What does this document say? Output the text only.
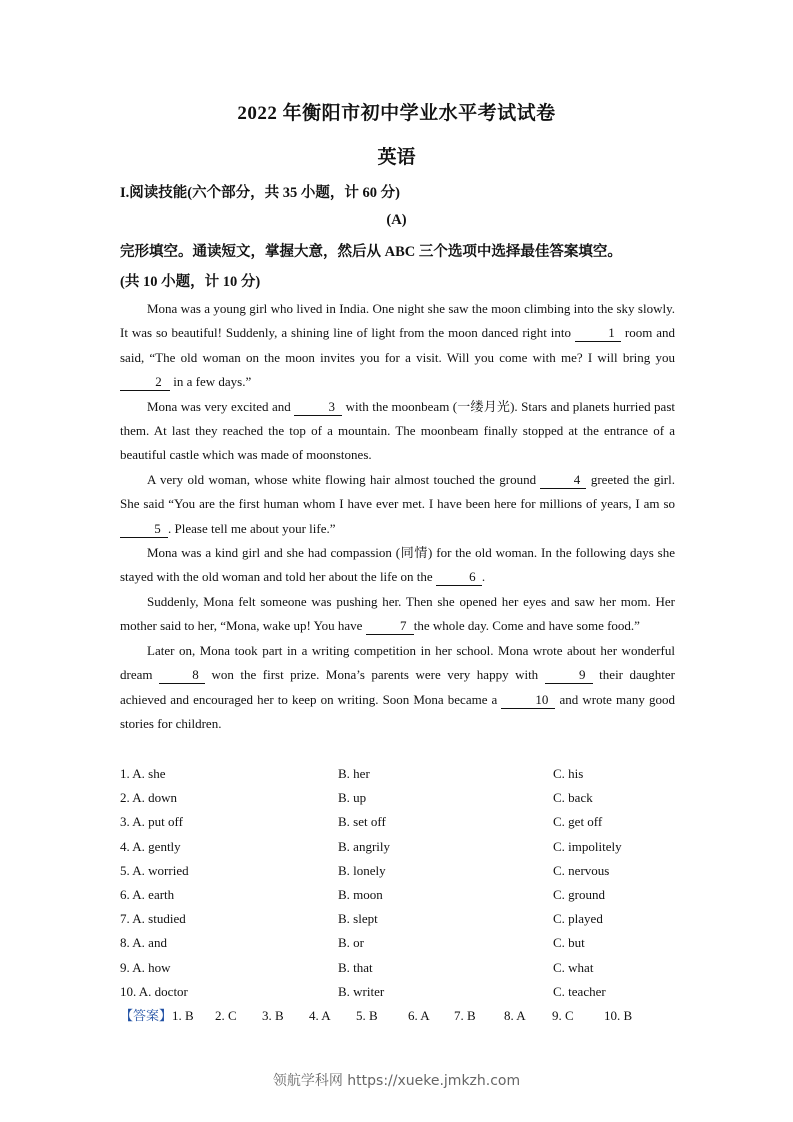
2022 年衡阳市初中学业水平考试试卷
英语
I.阅读技能(六个部分，共 35 小题，计 60 分)
(A)
完形填空。通读短文，掌握大意，然后从 ABC 三个选项中选择最佳答案填空。
(共 10 小题，计 10 分)

Mona was a young girl who lived in India. One night she saw the moon climbing into the sky slowly. It was so beautiful! Suddenly, a shining line of light from the moon danced right into	1 room and said, “The old woman on the moon invites you for a visit. Will you come with me? I will bring you 2 in a few days.”

Mona was very excited and	3 with the moonbeam (一缕月光). Stars and planets hurried past them. At last they reached the top of a mountain. The moonbeam finally stopped at the entrance of a beautiful castle which was made of moonstones.

A very old woman, whose white flowing hair almost touched the ground	4 greeted the girl. She said “You are the first human whom I have ever met. I have been here for millions of years, I am so 5 . Please tell me about your life.”

Mona was a kind girl and she had compassion (同情) for the old woman. In the following days she stayed with the old woman and told her about the life on the	6 .

Suddenly, Mona felt someone was pushing her. Then she opened her eyes and saw her mom. Her mother said to her, “Mona, wake up! You have	7 the whole day. Come and have some food.”

Later on, Mona took part in a writing competition in her school. Mona wrote about her wonderful dream	8 won the first prize. Mona’s parents were very happy with	9 their daughter achieved and encouraged her to keep on writing. Soon Mona became a	10 and wrote many good stories for children.

1. A. she	B. her	C. his
2. A. down	B. up	C. back
3. A. put off	B. set off	C. get off
4. A. gently	B. angrily	C. impolitely
5. A. worried	B. lonely	C. nervous
6. A. earth	B. moon	C. ground
7. A. studied	B. slept	C. played
8. A. and	B. or	C. but
9. A. how	B. that	C. what
10. A. doctor	B. writer	C. teacher
【答案】1. B 2. C 3. B 4. A 5. B 6. A 7. B 8. A 9. C 10. B
领航学科网 https://xueke.jmkzh.com
